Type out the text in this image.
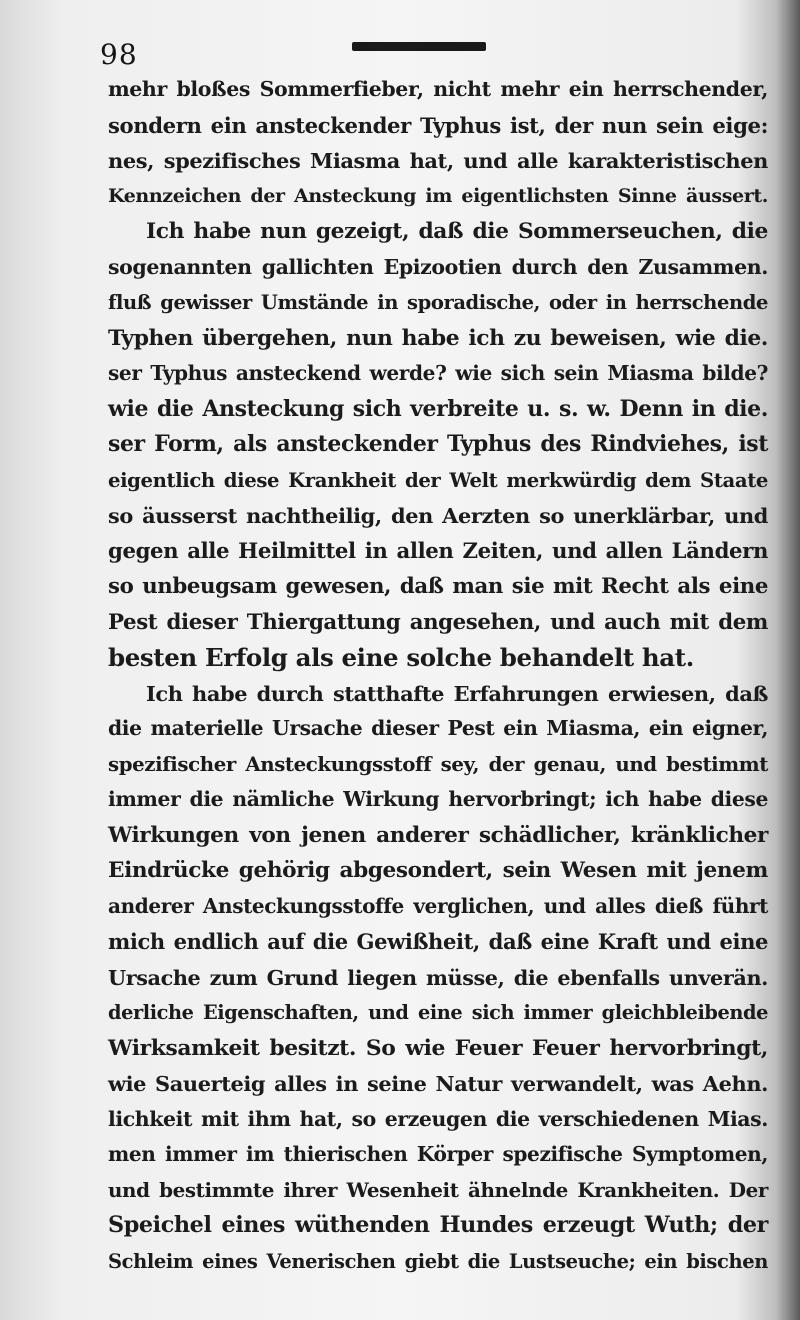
98
mehr bloßes Sommerfieber, nicht mehr ein herrschender,
sondern ein ansteckender Typhus ist, der nun sein eige:
nes, spezifisches Miasma hat, und alle karakteristischen
Kennzeichen der Ansteckung im eigentlichsten Sinne äussert.
Ich habe nun gezeigt, daß die Sommerseuchen, die
sogenannten gallichten Epizootien durch den Zusammen.
fluß gewisser Umstände in sporadische, oder in herrschende
Typhen übergehen, nun habe ich zu beweisen, wie die.
ser Typhus ansteckend werde? wie sich sein Miasma bilde?
wie die Ansteckung sich verbreite u. s. w. Denn in die.
ser Form, als ansteckender Typhus des Rindviehes, ist
eigentlich diese Krankheit der Welt merkwürdig dem Staate
so äusserst nachtheilig, den Aerzten so unerklärbar, und
gegen alle Heilmittel in allen Zeiten, und allen Ländern
so unbeugsam gewesen, daß man sie mit Recht als eine
Pest dieser Thiergattung angesehen, und auch mit dem
besten Erfolg als eine solche behandelt hat.
Ich habe durch statthafte Erfahrungen erwiesen, daß
die materielle Ursache dieser Pest ein Miasma, ein eigner,
spezifischer Ansteckungsstoff sey, der genau, und bestimmt
immer die nämliche Wirkung hervorbringt; ich habe diese
Wirkungen von jenen anderer schädlicher, kränklicher
Eindrücke gehörig abgesondert, sein Wesen mit jenem
anderer Ansteckungsstoffe verglichen, und alles dieß führt
mich endlich auf die Gewißheit, daß eine Kraft und eine
Ursache zum Grund liegen müsse, die ebenfalls unverän.
derliche Eigenschaften, und eine sich immer gleichbleibende
Wirksamkeit besitzt. So wie Feuer Feuer hervorbringt,
wie Sauerteig alles in seine Natur verwandelt, was Aehn.
lichkeit mit ihm hat, so erzeugen die verschiedenen Mias.
men immer im thierischen Körper spezifische Symptomen,
und bestimmte ihrer Wesenheit ähnelnde Krankheiten. Der
Speichel eines wüthenden Hundes erzeugt Wuth; der
Schleim eines Venerischen giebt die Lustseuche; ein bischen
